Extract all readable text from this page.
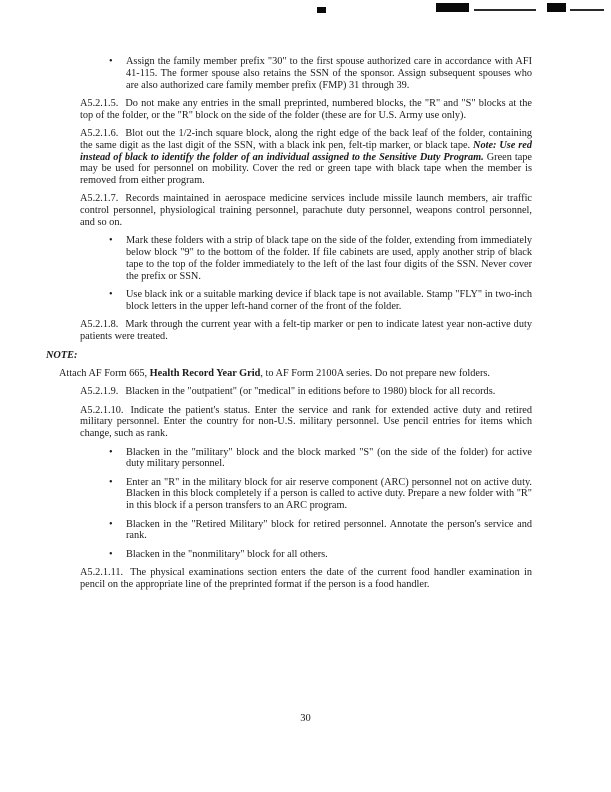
•	Assign the family member prefix "30" to the first spouse authorized care in accordance with AFI 41-115. The former spouse also retains the SSN of the sponsor. Assign subsequent spouses who are also authorized care family member prefix (FMP) 31 through 39.

A5.2.1.5. Do not make any entries in the small preprinted, numbered blocks, the "R" and "S" blocks at the top of the folder, or the "R" block on the side of the folder (these are for U.S. Army use only).

A5.2.1.6. Blot out the 1/2-inch square block, along the right edge of the back leaf of the folder, containing the same digit as the last digit of the SSN, with a black ink pen, felt-tip marker, or black tape. Note: Use red instead of black to identify the folder of an individual assigned to the Sensitive Duty Program. Green tape may be used for personnel on mobility. Cover the red or green tape with black tape when the member is removed from either program.

A5.2.1.7. Records maintained in aerospace medicine services include missile launch members, air traffic control personnel, physiological training personnel, parachute duty personnel, weapons control personnel, and so on.

•	Mark these folders with a strip of black tape on the side of the folder, extending from immediately below block "9" to the bottom of the folder. If file cabinets are used, apply another strip of black tape to the top of the folder immediately to the left of the last four digits of the SSN. Never cover the prefix or SSN.
•	Use black ink or a suitable marking device if black tape is not available. Stamp "FLY" in two-inch block letters in the upper left-hand corner of the front of the folder.

A5.2.1.8. Mark through the current year with a felt-tip marker or pen to indicate latest year non-active duty patients were treated.

NOTE:

Attach AF Form 665, Health Record Year Grid, to AF Form 2100A series. Do not prepare new folders.

A5.2.1.9. Blacken in the "outpatient" (or "medical" in editions before to 1980) block for all records.

A5.2.1.10. Indicate the patient's status. Enter the service and rank for extended active duty and retired military personnel. Enter the country for non-U.S. military personnel. Use pencil entries for items which change, such as rank.

•	Blacken in the "military" block and the block marked "S" (on the side of the folder) for active duty military personnel.
•	Enter an "R" in the military block for air reserve component (ARC) personnel not on active duty. Blacken in this block completely if a person is called to active duty. Prepare a new folder with "R" in this block if a person transfers to an ARC program.
•	Blacken in the "Retired Military" block for retired personnel. Annotate the person's service and rank.
•	Blacken in the "nonmilitary" block for all others.

A5.2.1.11. The physical examinations section enters the date of the current food handler examination in pencil on the appropriate line of the preprinted format if the person is a food handler.

30
